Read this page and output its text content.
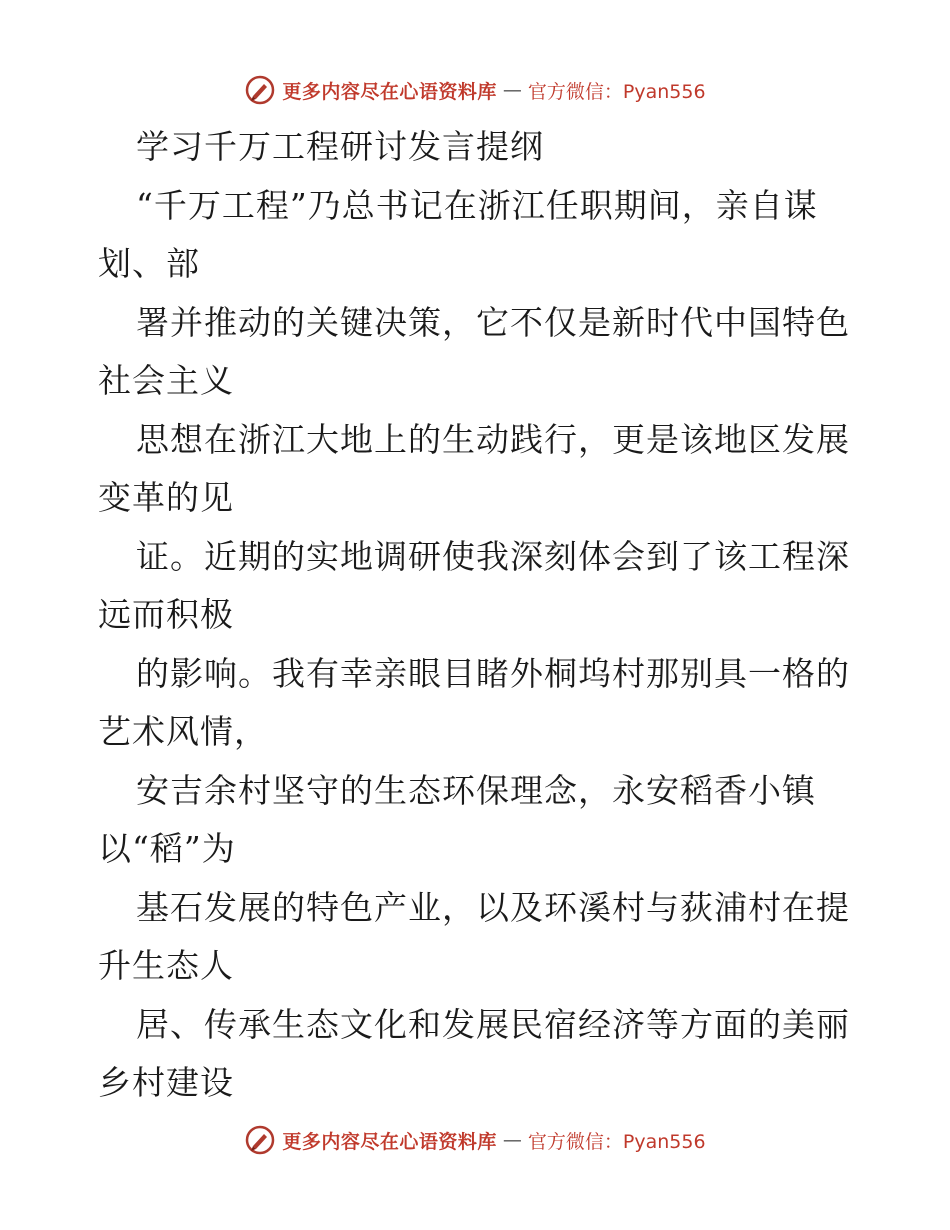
更多内容尽在心语资料库 — 官方微信：Pyan556
学习千万工程研讨发言提纲
“千万工程”乃总书记在浙江任职期间，亲自谋
划、部
署并推动的关键决策，它不仅是新时代中国特色
社会主义
思想在浙江大地上的生动践行，更是该地区发展
变革的见
证。近期的实地调研使我深刻体会到了该工程深
远而积极
的影响。我有幸亲眼目睹外桐坞村那别具一格的
艺术风情，
安吉余村坚守的生态环保理念，永安稻香小镇
以“稻”为
基石发展的特色产业，以及环溪村与荻浦村在提
升生态人
居、传承生态文化和发展民宿经济等方面的美丽
乡村建设
更多内容尽在心语资料库 — 官方微信：Pyan556
